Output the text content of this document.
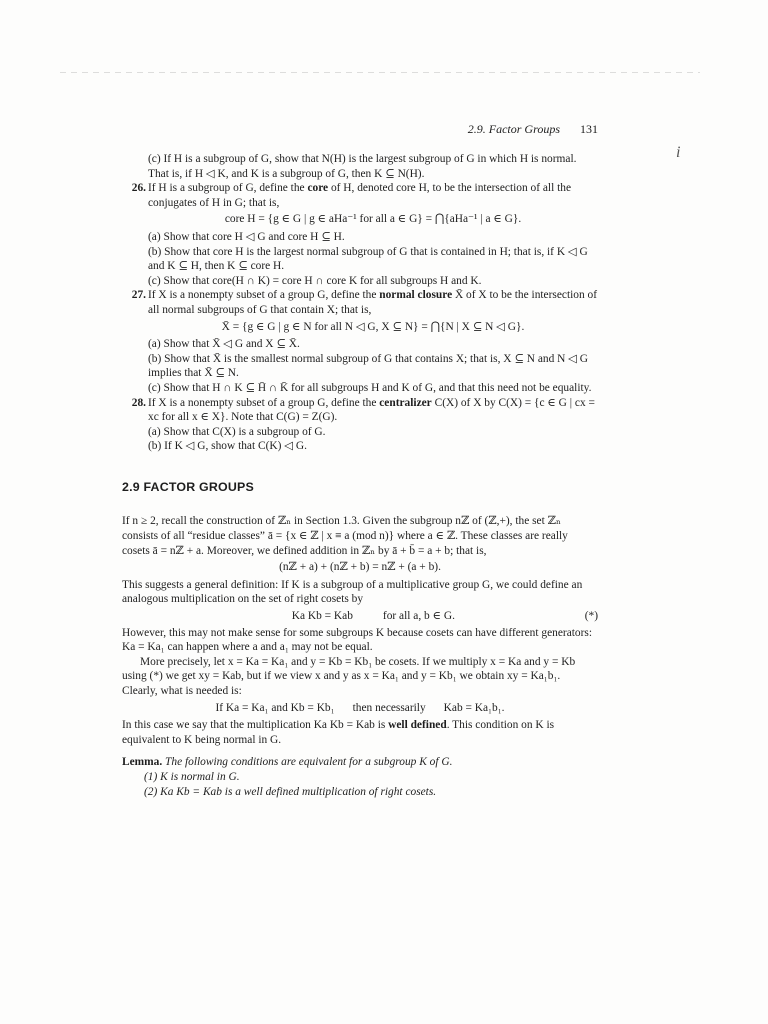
i
2.9. Factor Groups 131

(c) If H is a subgroup of G, show that N(H) is the largest subgroup of G in which H is normal. That is, if H ◁ K, and K is a subgroup of G, then K ⊆ N(H).

26. If H is a subgroup of G, define the core of H, denoted core H, to be the intersection of all the conjugates of H in G; that is,

core H = {g ∈ G | g ∈ aHa⁻¹ for all a ∈ G} = ⋂{aHa⁻¹ | a ∈ G}.

(a) Show that core H ◁ G and core H ⊆ H.

(b) Show that core H is the largest normal subgroup of G that is contained in H; that is, if K ◁ G and K ⊆ H, then K ⊆ core H.

(c) Show that core(H ∩ K) = core H ∩ core K for all subgroups H and K.

27. If X is a nonempty subset of a group G, define the normal closure X̄ of X to be the intersection of all normal subgroups of G that contain X; that is,

X̄ = {g ∈ G | g ∈ N for all N ◁ G, X ⊆ N} = ⋂{N | X ⊆ N ◁ G}.

(a) Show that X̄ ◁ G and X ⊆ X̄.

(b) Show that X̄ is the smallest normal subgroup of G that contains X; that is, X ⊆ N and N ◁ G implies that X̄ ⊆ N.

(c) Show that H ∩ K ⊆ H̄ ∩ K̄ for all subgroups H and K of G, and that this need not be equality.

28. If X is a nonempty subset of a group G, define the centralizer C(X) of X by C(X) = {c ∈ G | cx = xc for all x ∈ X}. Note that C(G) = Z(G).

(a) Show that C(X) is a subgroup of G.

(b) If K ◁ G, show that C(K) ◁ G.

2.9 FACTOR GROUPS

If n ≥ 2, recall the construction of ℤₙ in Section 1.3. Given the subgroup nℤ of (ℤ,+), the set ℤₙ consists of all “residue classes” ā = {x ∈ ℤ | x ≡ a (mod n)} where a ∈ ℤ. These classes are really cosets ā = nℤ + a. Moreover, we defined addition in ℤₙ by ā + b̄ = a + b; that is,

(nℤ + a) + (nℤ + b) = nℤ + (a + b).

This suggests a general definition: If K is a subgroup of a multiplicative group G, we could define an analogous multiplication on the set of right cosets by

Ka Kb = Kab	for all a, b ∈ G.	(*)

However, this may not make sense for some subgroups K because cosets can have different generators: Ka = Ka₁ can happen where a and a₁ may not be equal.

More precisely, let x = Ka = Ka₁ and y = Kb = Kb₁ be cosets. If we multiply x = Ka and y = Kb using (*) we get xy = Kab, but if we view x and y as x = Ka₁ and y = Kb₁ we obtain xy = Ka₁b₁. Clearly, what is needed is:

If Ka = Ka₁ and Kb = Kb₁ then necessarily Kab = Ka₁b₁.

In this case we say that the multiplication Ka Kb = Kab is well defined. This condition on K is equivalent to K being normal in G.

Lemma. The following conditions are equivalent for a subgroup K of G.

(1) K is normal in G.

(2) Ka Kb = Kab is a well defined multiplication of right cosets.
